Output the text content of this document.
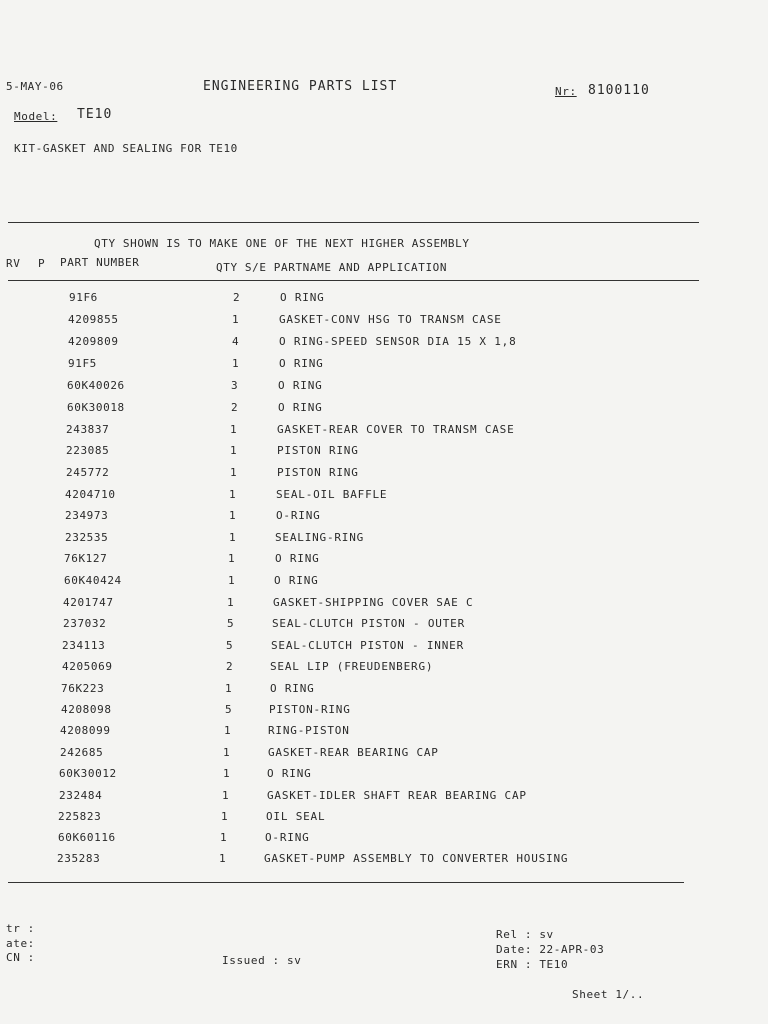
5-MAY-06	ENGINEERING PARTS LIST	Nr: 8100110
Model: TE10
KIT-GASKET AND SEALING FOR TE10
QTY SHOWN IS TO MAKE ONE OF THE NEXT HIGHER ASSEMBLY
RV P PART NUMBER	QTY S/E PARTNAME AND APPLICATION
91F6	2	O RING
4209855	1	GASKET-CONV HSG TO TRANSM CASE
4209809	4	O RING-SPEED SENSOR DIA 15 X 1,8
91F5	1	O RING
60K40026	3	O RING
60K30018	2	O RING
243837	1	GASKET-REAR COVER TO TRANSM CASE
223085	1	PISTON RING
245772	1	PISTON RING
4204710	1	SEAL-OIL BAFFLE
234973	1	O-RING
232535	1	SEALING-RING
76K127	1	O RING
60K40424	1	O RING
4201747	1	GASKET-SHIPPING COVER SAE C
237032	5	SEAL-CLUTCH PISTON - OUTER
234113	5	SEAL-CLUTCH PISTON - INNER
4205069	2	SEAL LIP (FREUDENBERG)
76K223	1	O RING
4208098	5	PISTON-RING
4208099	1	RING-PISTON
242685	1	GASKET-REAR BEARING CAP
60K30012	1	O RING
232484	1	GASKET-IDLER SHAFT REAR BEARING CAP
225823	1	OIL SEAL
60K60116	1	O-RING
235283	1	GASKET-PUMP ASSEMBLY TO CONVERTER HOUSING
tr :
ate:
CN :	Issued : sv
Rel : sv
Date: 22-APR-03
ERN : TE10
Sheet 1/..
